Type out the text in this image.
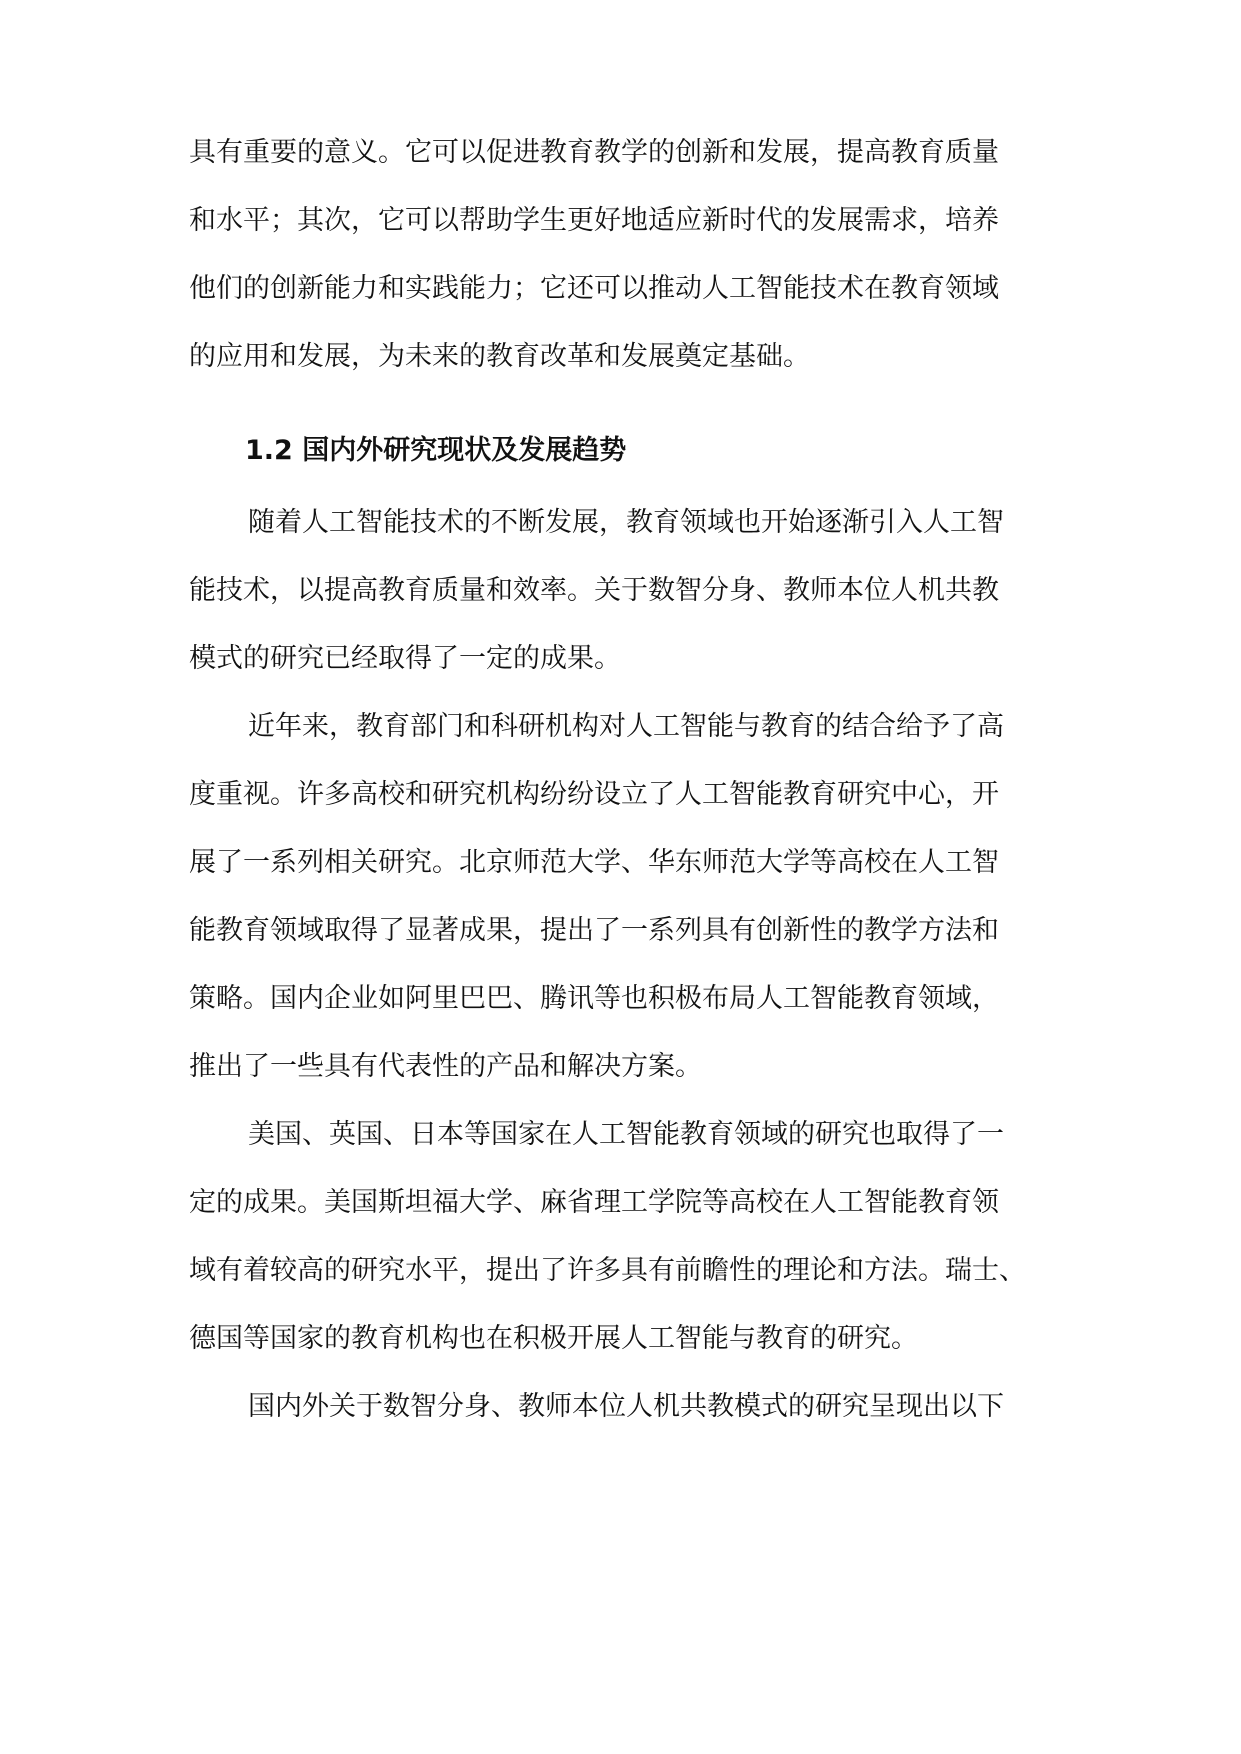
具有重要的意义。它可以促进教育教学的创新和发展，提高教育质量

和水平；其次，它可以帮助学生更好地适应新时代的发展需求，培养

他们的创新能力和实践能力；它还可以推动人工智能技术在教育领域

的应用和发展，为未来的教育改革和发展奠定基础。

1.2 国内外研究现状及发展趋势

随着人工智能技术的不断发展，教育领域也开始逐渐引入人工智

能技术，以提高教育质量和效率。关于数智分身、教师本位人机共教

模式的研究已经取得了一定的成果。

近年来，教育部门和科研机构对人工智能与教育的结合给予了高

度重视。许多高校和研究机构纷纷设立了人工智能教育研究中心，开

展了一系列相关研究。北京师范大学、华东师范大学等高校在人工智

能教育领域取得了显著成果，提出了一系列具有创新性的教学方法和

策略。国内企业如阿里巴巴、腾讯等也积极布局人工智能教育领域，

推出了一些具有代表性的产品和解决方案。

美国、英国、日本等国家在人工智能教育领域的研究也取得了一

定的成果。美国斯坦福大学、麻省理工学院等高校在人工智能教育领

域有着较高的研究水平，提出了许多具有前瞻性的理论和方法。瑞士、

德国等国家的教育机构也在积极开展人工智能与教育的研究。

国内外关于数智分身、教师本位人机共教模式的研究呈现出以下
